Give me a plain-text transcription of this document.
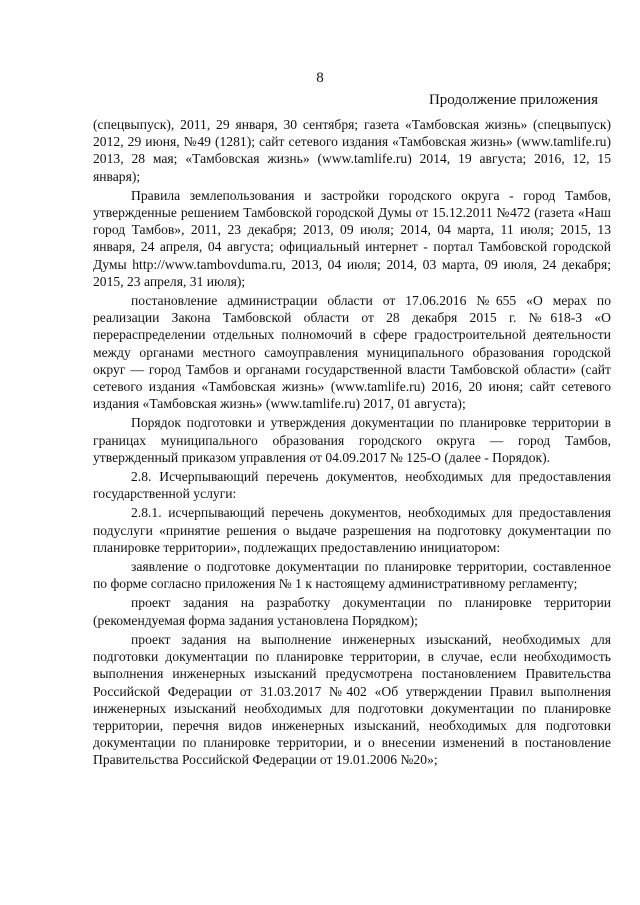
8
Продолжение приложения

(спецвыпуск), 2011, 29 января, 30 сентября; газета «Тамбовская жизнь» (спецвыпуск) 2012, 29 июня, №49 (1281); сайт сетевого издания «Тамбовская жизнь» (www.tamlife.ru) 2013, 28 мая; «Тамбовская жизнь» (www.tamlife.ru) 2014, 19 августа; 2016, 12, 15 января);

Правила землепользования и застройки городского округа - город Тамбов, утвержденные решением Тамбовской городской Думы от 15.12.2011 №472 (газета «Наш город Тамбов», 2011, 23 декабря; 2013, 09 июля; 2014, 04 марта, 11 июля; 2015, 13 января, 24 апреля, 04 августа; официальный интернет - портал Тамбовской городской Думы http://www.tambovduma.ru, 2013, 04 июля; 2014, 03 марта, 09 июля, 24 декабря; 2015, 23 апреля, 31 июля);

постановление администрации области от 17.06.2016 №655 «О мерах по реализации Закона Тамбовской области от 28 декабря 2015 г. №618-З «О перераспределении отдельных полномочий в сфере градостроительной деятельности между органами местного самоуправления муниципального образования городской округ — город Тамбов и органами государственной власти Тамбовской области» (сайт сетевого издания «Тамбовская жизнь» (www.tamlife.ru) 2016, 20 июня; сайт сетевого издания «Тамбовская жизнь» (www.tamlife.ru) 2017, 01 августа);

Порядок подготовки и утверждения документации по планировке территории в границах муниципального образования городского округа — город Тамбов, утвержденный приказом управления от 04.09.2017 № 125-О (далее - Порядок).

2.8. Исчерпывающий перечень документов, необходимых для предоставления государственной услуги:

2.8.1. исчерпывающий перечень документов, необходимых для предоставления подуслуги «принятие решения о выдаче разрешения на подготовку документации по планировке территории», подлежащих предоставлению инициатором:

заявление о подготовке документации по планировке территории, составленное по форме согласно приложения № 1 к настоящему административному регламенту;

проект задания на разработку документации по планировке территории (рекомендуемая форма задания установлена Порядком);

проект задания на выполнение инженерных изысканий, необходимых для подготовки документации по планировке территории, в случае, если необходимость выполнения инженерных изысканий предусмотрена постановлением Правительства Российской Федерации от 31.03.2017 №402 «Об утверждении Правил выполнения инженерных изысканий необходимых для подготовки документации по планировке территории, перечня видов инженерных изысканий, необходимых для подготовки документации по планировке территории, и о внесении изменений в постановление Правительства Российской Федерации от 19.01.2006 №20»;
